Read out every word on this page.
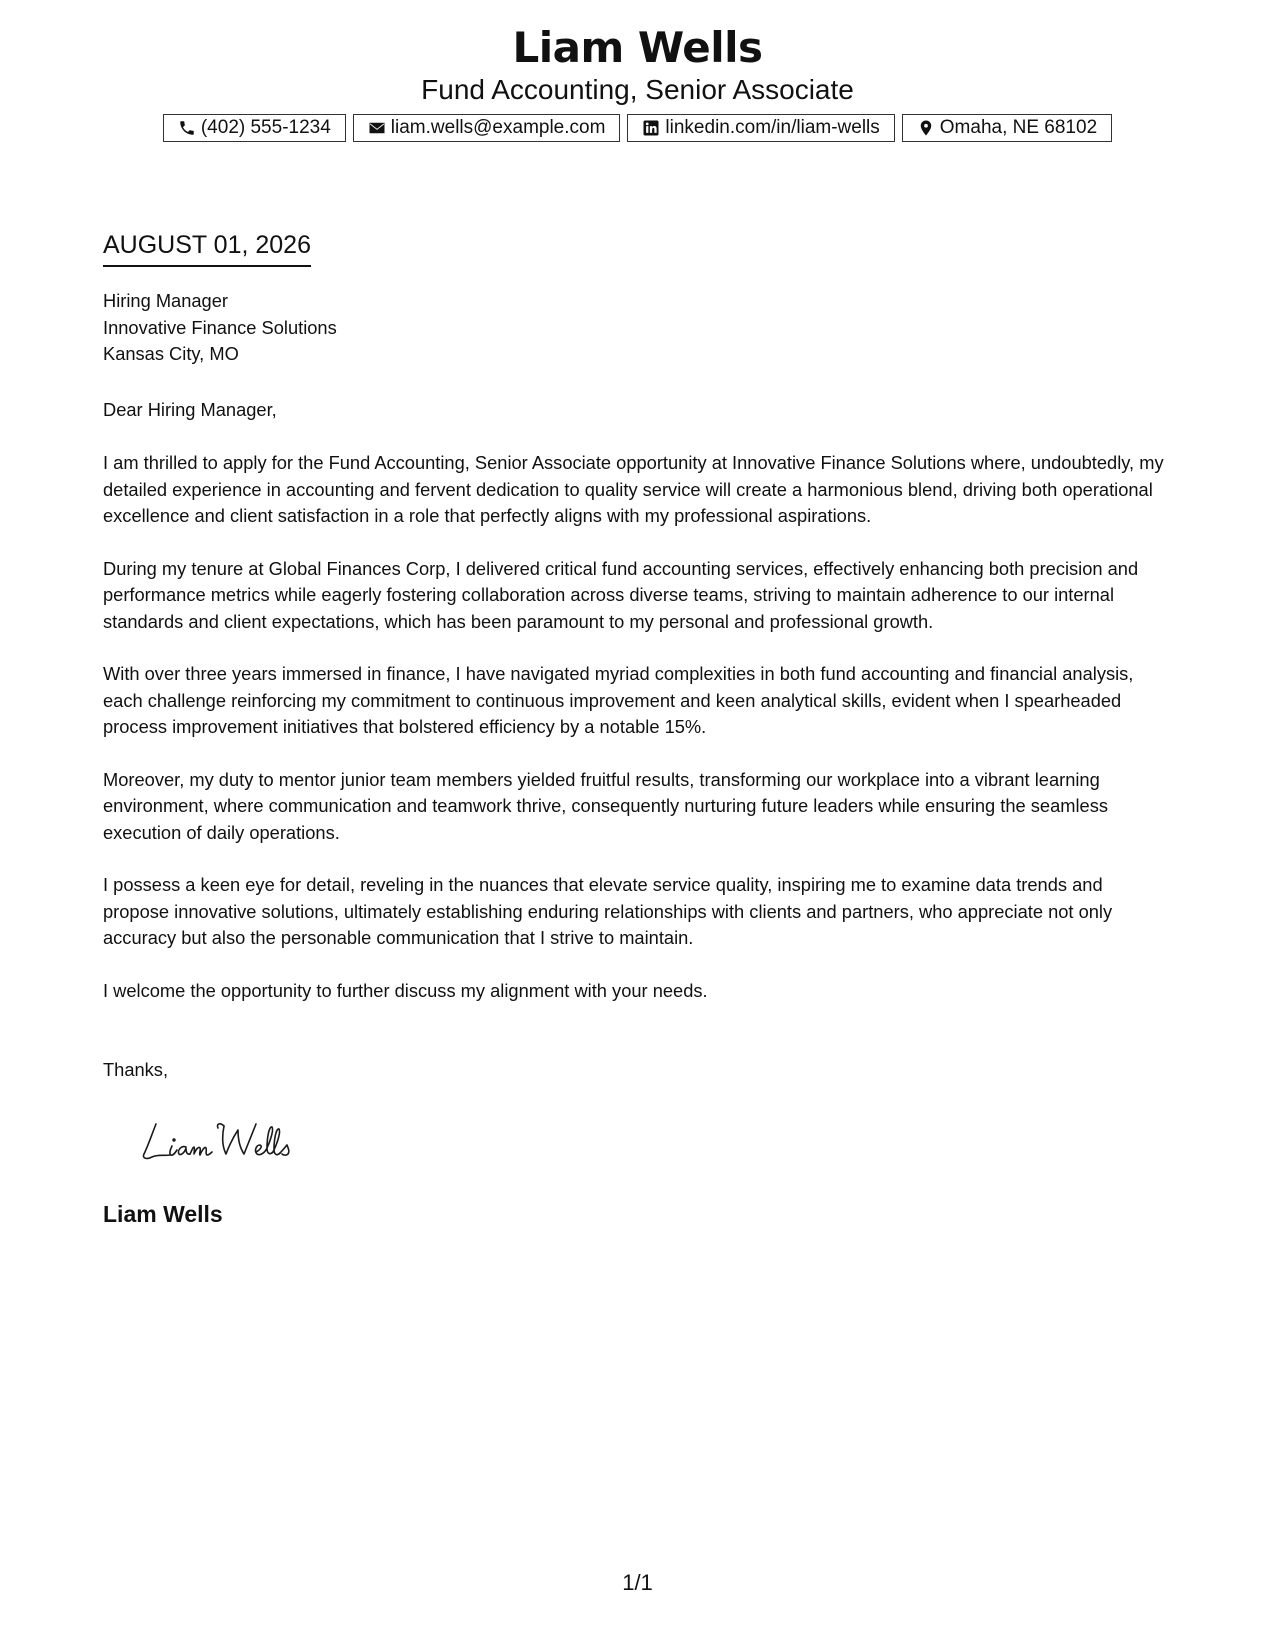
Liam Wells
Fund Accounting, Senior Associate
(402) 555-1234	liam.wells@example.com	linkedin.com/in/liam-wells	Omaha, NE 68102
AUGUST 01, 2026
Hiring Manager
Innovative Finance Solutions
Kansas City, MO
Dear Hiring Manager,

I am thrilled to apply for the Fund Accounting, Senior Associate opportunity at Innovative Finance Solutions where, undoubtedly, my detailed experience in accounting and fervent dedication to quality service will create a harmonious blend, driving both operational excellence and client satisfaction in a role that perfectly aligns with my professional aspirations.

During my tenure at Global Finances Corp, I delivered critical fund accounting services, effectively enhancing both precision and performance metrics while eagerly fostering collaboration across diverse teams, striving to maintain adherence to our internal standards and client expectations, which has been paramount to my personal and professional growth.

With over three years immersed in finance, I have navigated myriad complexities in both fund accounting and financial analysis, each challenge reinforcing my commitment to continuous improvement and keen analytical skills, evident when I spearheaded process improvement initiatives that bolstered efficiency by a notable 15%.

Moreover, my duty to mentor junior team members yielded fruitful results, transforming our workplace into a vibrant learning environment, where communication and teamwork thrive, consequently nurturing future leaders while ensuring the seamless execution of daily operations.

I possess a keen eye for detail, reveling in the nuances that elevate service quality, inspiring me to examine data trends and propose innovative solutions, ultimately establishing enduring relationships with clients and partners, who appreciate not only accuracy but also the personable communication that I strive to maintain.

I welcome the opportunity to further discuss my alignment with your needs.

Thanks,
Liam Wells
1/1
